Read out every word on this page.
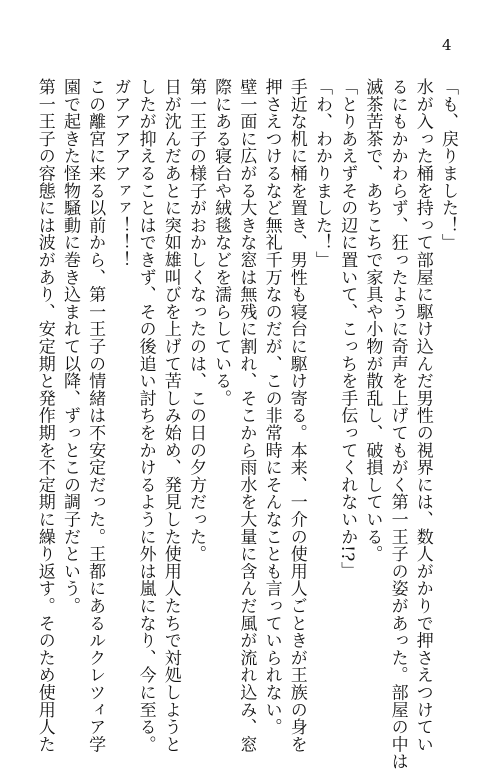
4
「も、戻りました！」
水が入った桶を持って部屋に駆け込んだ男性の視界には、数人がかりで押さえつけてい
るにもかかわらず、狂ったように奇声を上げてもがく第一王子の姿があった。部屋の中は
滅茶苦茶で、あちこちで家具や小物が散乱し、破損している。
「とりあえずその辺に置いて、こっちを手伝ってくれないか!?」
「わ、わかりました！」
手近な机に桶を置き、男性も寝台に駆け寄る。本来、一介の使用人ごときが王族の身を
押さえつけるなど無礼千万なのだが、この非常時にそんなことも言っていられない。
壁一面に広がる大きな窓は無残に割れ、そこから雨水を大量に含んだ風が流れ込み、窓
際にある寝台や絨毯などを濡らしている。
第一王子の様子がおかしくなったのは、この日の夕方だった。
日が沈んだあとに突如雄叫びを上げて苦しみ始め、発見した使用人たちで対処しようと
したが抑えることはできず、その後追い討ちをかけるように外は嵐になり、今に至る。
ガアアアアアァァ！！！
この離宮に来る以前から、第一王子の情緒は不安定だった。王都にあるルクレツィア学
園で起きた怪物騒動に巻き込まれて以降、ずっとこの調子だという。
第一王子の容態には波があり、安定期と発作期を不定期に繰り返す。そのため使用人た
